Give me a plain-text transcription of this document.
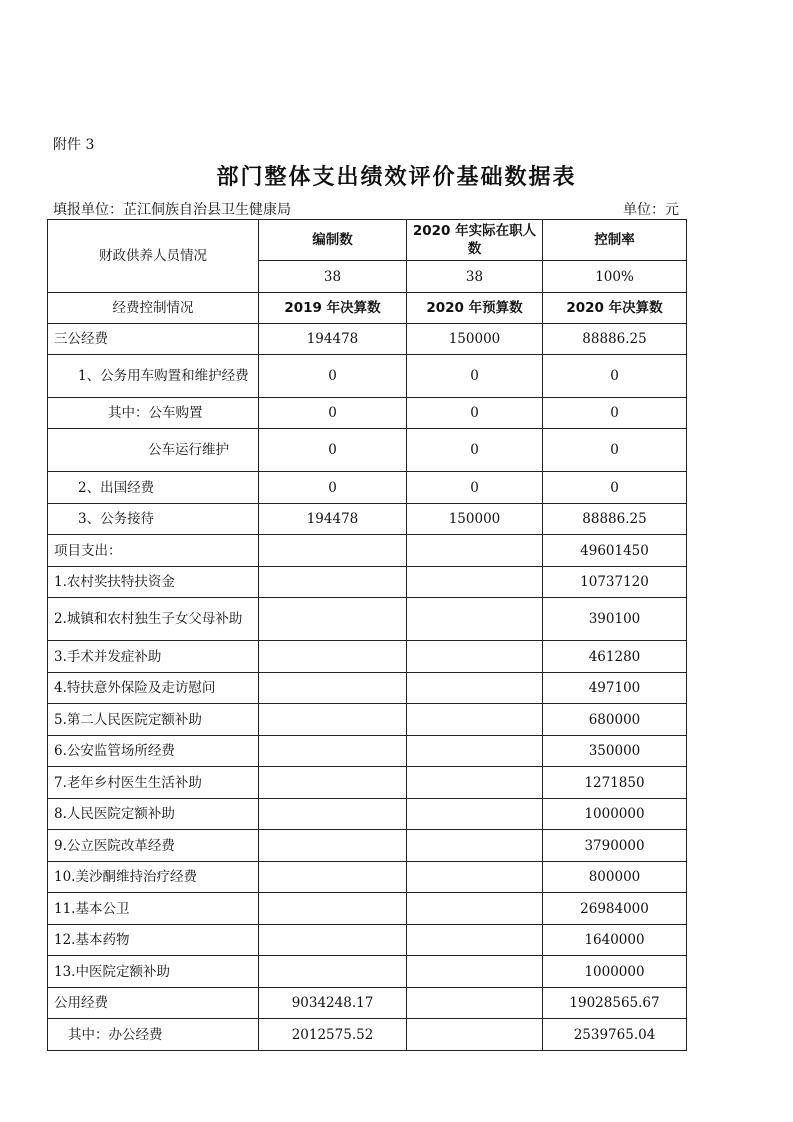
附件 3
部门整体支出绩效评价基础数据表
填报单位：芷江侗族自治县卫生健康局	单位：元
财政供养人员情况	编制数	2020 年实际在职人数	控制率
	38	38	100%
经费控制情况	2019 年决算数	2020 年预算数	2020 年决算数
三公经费	194478	150000	88886.25
1、公务用车购置和维护经费	0	0	0
其中：公车购置	0	0	0
公车运行维护	0	0	0
2、出国经费	0	0	0
3、公务接待	194478	150000	88886.25
项目支出：			49601450
1.农村奖扶特扶资金			10737120
2.城镇和农村独生子女父母补助			390100
3.手术并发症补助			461280
4.特扶意外保险及走访慰问			497100
5.第二人民医院定额补助			680000
6.公安监管场所经费			350000
7.老年乡村医生生活补助			1271850
8.人民医院定额补助			1000000
9.公立医院改革经费			3790000
10.美沙酮维持治疗经费			800000
11.基本公卫			26984000
12.基本药物			1640000
13.中医院定额补助			1000000
公用经费	9034248.17		19028565.67
其中：办公经费	2012575.52		2539765.04
